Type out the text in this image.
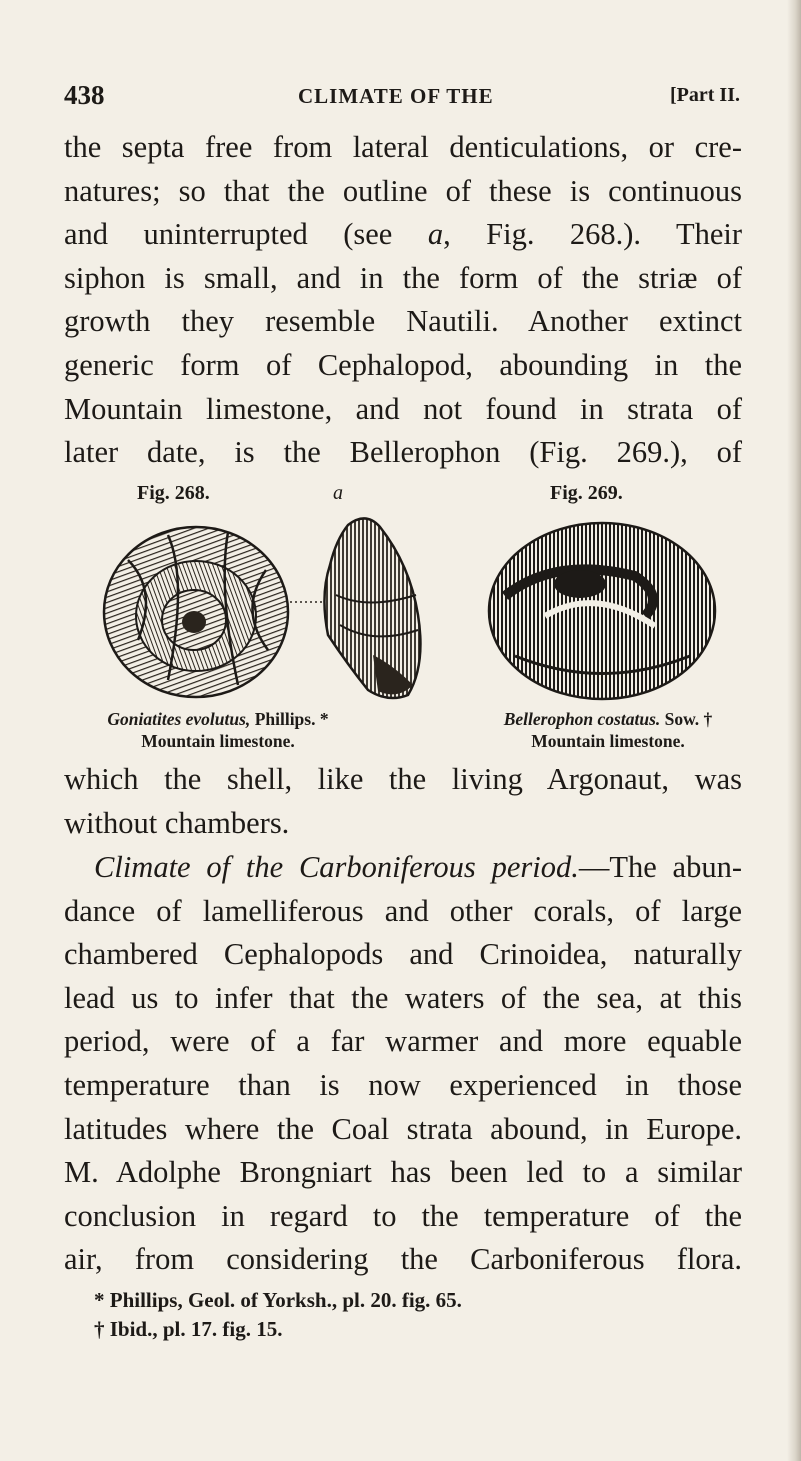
438	CLIMATE OF THE	[Part II.
the septa free from lateral denticulations, or cre-
natures; so that the outline of these is continuous
and uninterrupted (see a, Fig. 268.). Their
siphon is small, and in the form of the striæ of
growth they resemble Nautili. Another extinct
generic form of Cephalopod, abounding in the
Mountain limestone, and not found in strata of
later date, is the Bellerophon (Fig. 269.), of
Fig. 268.	a	Fig. 269.
Goniatites evolutus, Phillips. *
Mountain limestone.
Bellerophon costatus. Sow. †
Mountain limestone.
which the shell, like the living Argonaut, was
without chambers.
Climate of the Carboniferous period.—The abun-
dance of lamelliferous and other corals, of large
chambered Cephalopods and Crinoidea, naturally
lead us to infer that the waters of the sea, at this
period, were of a far warmer and more equable
temperature than is now experienced in those
latitudes where the Coal strata abound, in Europe.
M. Adolphe Brongniart has been led to a similar
conclusion in regard to the temperature of the
air, from considering the Carboniferous flora.
* Phillips, Geol. of Yorksh., pl. 20. fig. 65.
† Ibid., pl. 17. fig. 15.
